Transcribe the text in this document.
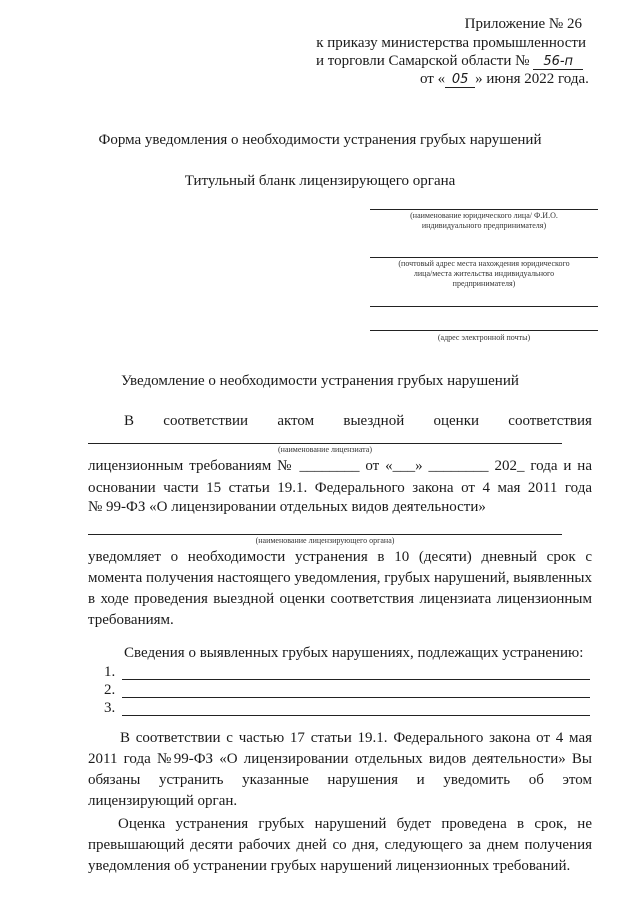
Приложение № 26
к приказу министерства промышленности
и торговли Самарской области № 56-п
от « 05 » июня 2022 года.
Форма уведомления о необходимости устранения грубых нарушений
Титульный бланк лицензирующего органа
(наименование юридического лица/ Ф.И.О.
индивидуального предпринимателя)
(почтовый адрес места нахождения юридического
лица/места жительства индивидуального
предпринимателя)
(адрес электронной почты)
Уведомление о необходимости устранения грубых нарушений
В соответствии актом выездной оценки соответствия
(наименование лицензиата)
лицензионным требованиям № ________ от «___» ________ 202_ года и на
основании части 15 статьи 19.1. Федерального закона от 4 мая 2011 года
№ 99-ФЗ «О лицензировании отдельных видов деятельности»
(наименование лицензирующего органа)
уведомляет о необходимости устранения в 10 (десяти) дневный срок с момента получения настоящего уведомления, грубых нарушений, выявленных в ходе проведения выездной оценки соответствия лицензиата лицензионным требованиям.
Сведения о выявленных грубых нарушениях, подлежащих устранению:
1.
2.
3.
В соответствии с частью 17 статьи 19.1. Федерального закона от 4 мая 2011 года №99-ФЗ «О лицензировании отдельных видов деятельности» Вы обязаны устранить указанные нарушения и уведомить об этом лицензирующий орган.
Оценка устранения грубых нарушений будет проведена в срок, не превышающий десяти рабочих дней со дня, следующего за днем получения уведомления об устранении грубых нарушений лицензионных требований.
